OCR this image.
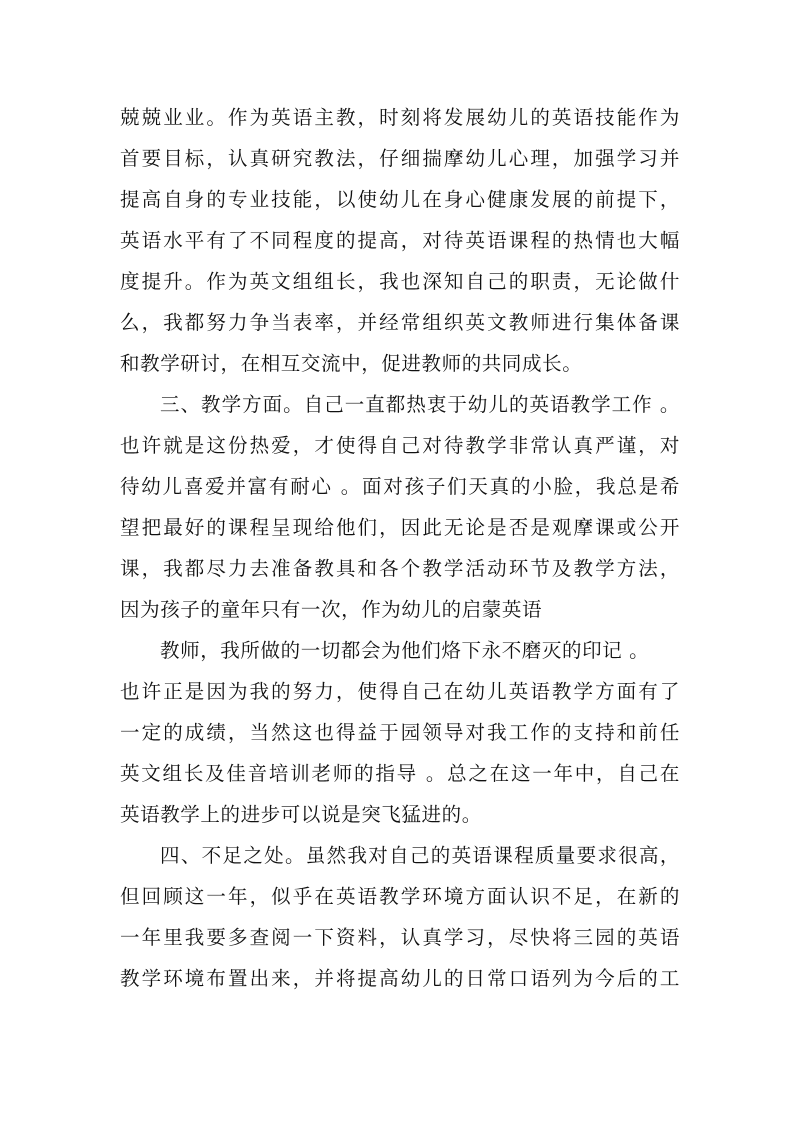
兢兢业业。作为英语主教，时刻将发展幼儿的英语技能作为
首要目标，认真研究教法，仔细揣摩幼儿心理，加强学习并
提高自身的专业技能，以使幼儿在身心健康发展的前提下，
英语水平有了不同程度的提高，对待英语课程的热情也大幅
度提升。作为英文组组长，我也深知自己的职责，无论做什
么，我都努力争当表率，并经常组织英文教师进行集体备课
和教学研讨，在相互交流中，促进教师的共同成长。
三、教学方面。自己一直都热衷于幼儿的英语教学工作 。
也许就是这份热爱，才使得自己对待教学非常认真严谨，对
待幼儿喜爱并富有耐心 。面对孩子们天真的小脸，我总是希
望把最好的课程呈现给他们，因此无论是否是观摩课或公开
课，我都尽力去准备教具和各个教学活动环节及教学方法，
因为孩子的童年只有一次，作为幼儿的启蒙英语
教师，我所做的一切都会为他们烙下永不磨灭的印记 。
也许正是因为我的努力，使得自己在幼儿英语教学方面有了
一定的成绩，当然这也得益于园领导对我工作的支持和前任
英文组长及佳音培训老师的指导 。总之在这一年中，自己在
英语教学上的进步可以说是突飞猛进的。
四、不足之处。虽然我对自己的英语课程质量要求很高，
但回顾这一年，似乎在英语教学环境方面认识不足，在新的
一年里我要多查阅一下资料，认真学习，尽快将三园的英语
教学环境布置出来，并将提高幼儿的日常口语列为今后的工
